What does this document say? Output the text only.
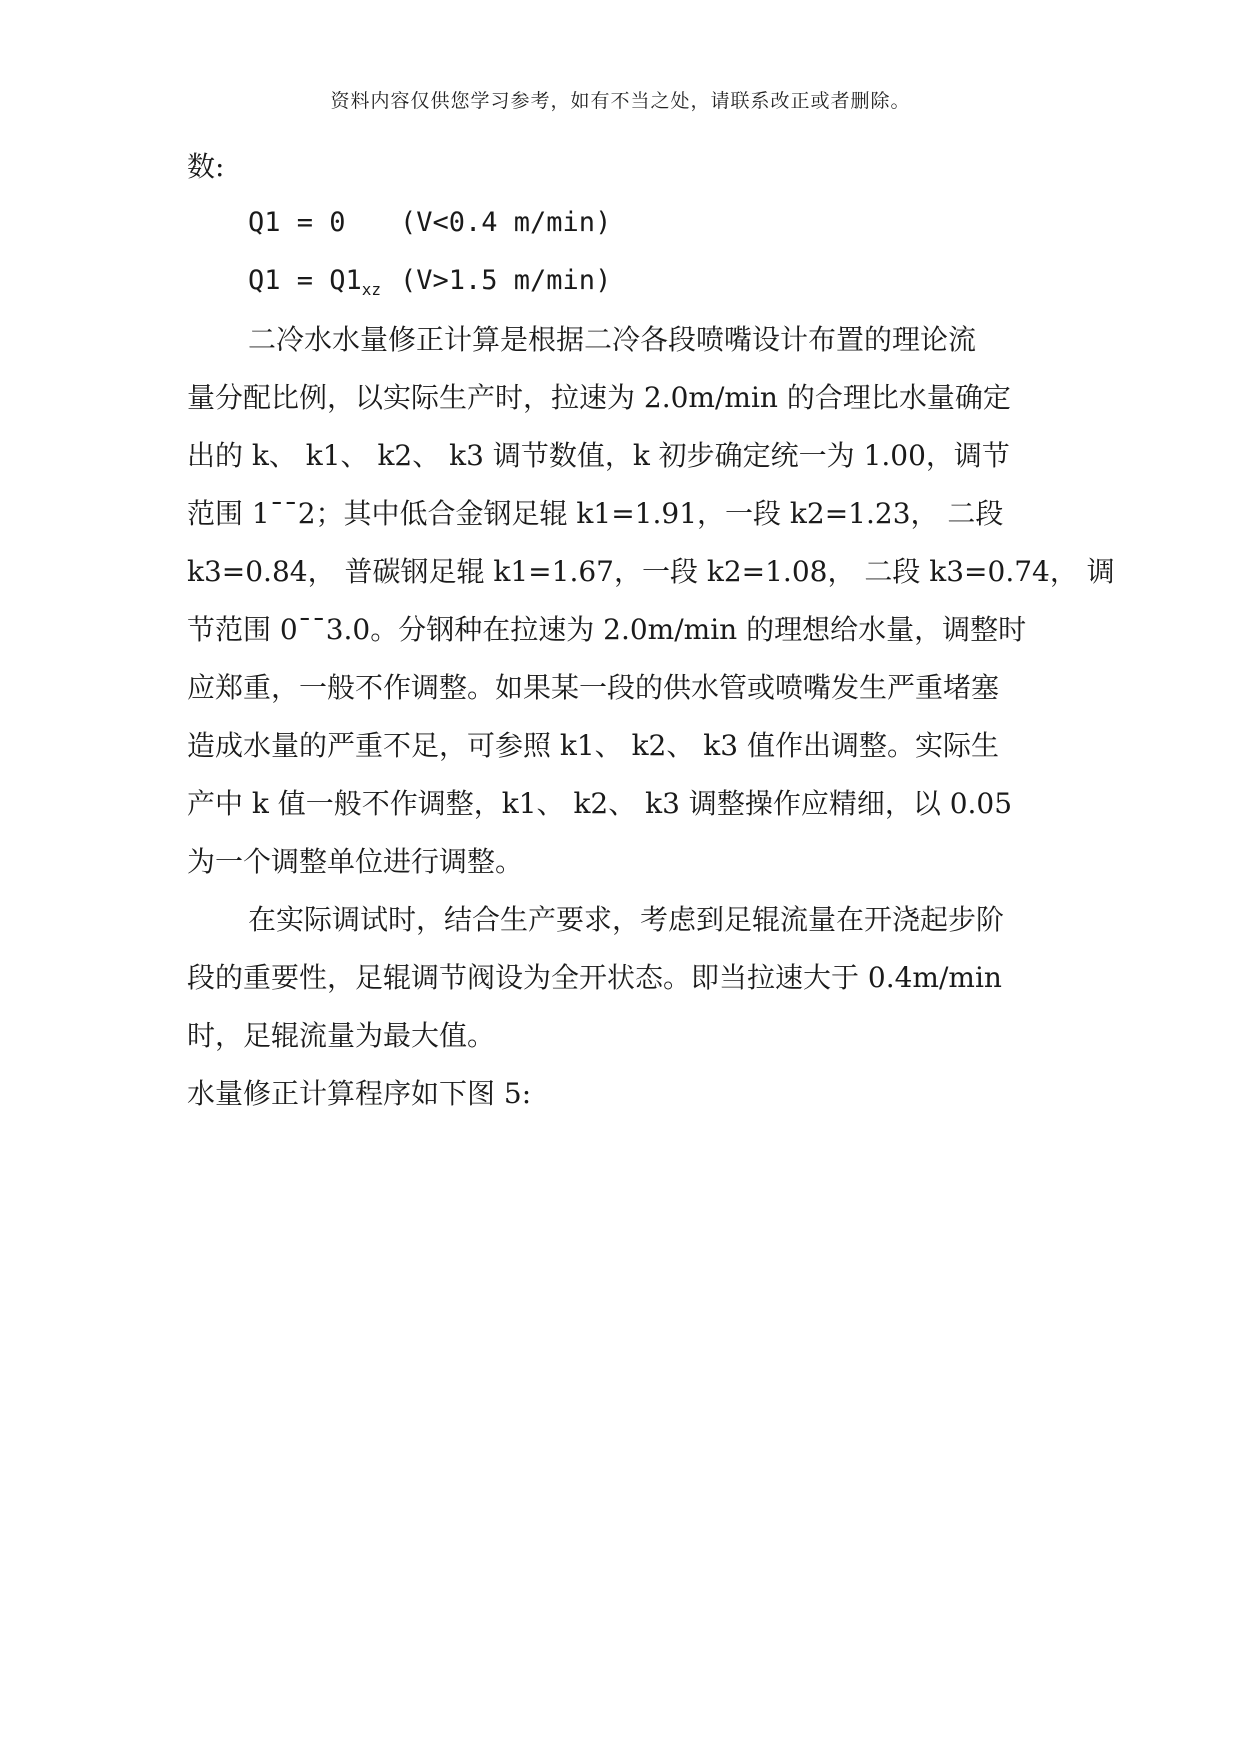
资料内容仅供您学习参考，如有不当之处，请联系改正或者删除。
数:
Q1 = 0 (V<0.4 m/min)
$Q1 = Q1_{xz}$ (V>1.5 m/min)
二冷水水量修正计算是根据二冷各段喷嘴设计布置的理论流
量分配比例，以实际生产时，拉速为 2.0m/min 的合理比水量确定
出的 k、 k1、 k2、 k3 调节数值，k 初步确定统一为 1.00，调节
范围 1¯¯2；其中低合金钢足辊 k1=1.91，一段 k2=1.23， 二段
k3=0.84， 普碳钢足辊 k1=1.67，一段 k2=1.08， 二段 k3=0.74， 调
节范围 0¯¯3.0。分钢种在拉速为 2.0m/min 的理想给水量，调整时
应郑重，一般不作调整。如果某一段的供水管或喷嘴发生严重堵塞
造成水量的严重不足，可参照 k1、 k2、 k3 值作出调整。实际生
产中 k 值一般不作调整，k1、 k2、 k3 调整操作应精细，以 0.05
为一个调整单位进行调整。
在实际调试时，结合生产要求，考虑到足辊流量在开浇起步阶
段的重要性，足辊调节阀设为全开状态。即当拉速大于 0.4m/min
时，足辊流量为最大值。
水量修正计算程序如下图 5:
